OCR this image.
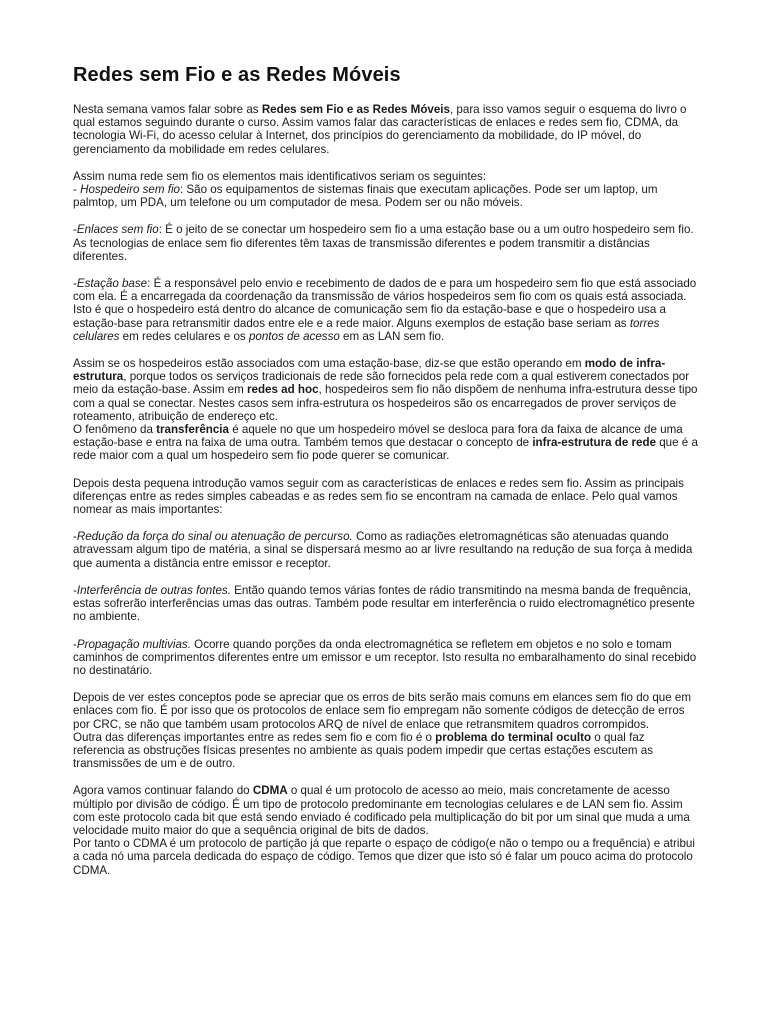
Redes sem Fio e as Redes Móveis

Nesta semana vamos falar sobre as Redes sem Fio e as Redes Móveis, para isso vamos seguir o esquema do livro o qual estamos seguindo durante o curso. Assim vamos falar das características de enlaces e redes sem fio, CDMA, da tecnologia Wi-Fi, do acesso celular à Internet, dos princípios do gerenciamento da mobilidade, do IP móvel, do gerenciamento da mobilidade em redes celulares.

Assim numa rede sem fio os elementos mais identificativos seriam os seguintes:

- Hospedeiro sem fio: São os equipamentos de sistemas finais que executam aplicações. Pode ser um laptop, um palmtop, um PDA, um telefone ou um computador de mesa. Podem ser ou não móveis.

-Enlaces sem fio: É o jeito de se conectar um hospedeiro sem fio a uma estação base ou a um outro hospedeiro sem fio. As tecnologias de enlace sem fio diferentes têm taxas de transmissão diferentes e podem transmitir a distâncias diferentes.

-Estação base: É a responsável pelo envio e recebimento de dados de e para um hospedeiro sem fio que está associado com ela. É a encarregada da coordenação da transmissão de vários hospedeiros sem fio com os quais está associada. Isto é que o hospedeiro está dentro do alcance de comunicação sem fio da estação-base e que o hospedeiro usa a estação-base para retransmitir dados entre ele e a rede maior. Alguns exemplos de estação base seriam as torres celulares em redes celulares e os pontos de acesso em as LAN sem fio.

Assim se os hospedeiros estão associados com uma estação-base, diz-se que estão operando em modo de infra-estrutura, porque todos os serviços tradicionais de rede são fornecidos pela rede com a qual estiverem conectados por meio da estação-base. Assim em redes ad hoc, hospedeiros sem fio não dispõem de nenhuma infra-estrutura desse tipo com a qual se conectar. Nestes casos sem infra-estrutura os hospedeiros são os encarregados de prover serviços de roteamento, atribuição de endereço etc.

O fenômeno da transferência é aquele no que um hospedeiro móvel se desloca para fora da faixa de alcance de uma estação-base e entra na faixa de uma outra. Também temos que destacar o concepto de infra-estrutura de rede que é a rede maior com a qual um hospedeiro sem fio pode querer se comunicar.

Depois desta pequena introdução vamos seguir com as características de enlaces e redes sem fio. Assim as principais diferenças entre as redes simples cabeadas e as redes sem fio se encontram na camada de enlace. Pelo qual vamos nomear as mais importantes:

-Redução da força do sinal ou atenuação de percurso. Como as radiações eletromagnéticas são atenuadas quando atravessam algum tipo de matéria, a sinal se dispersará mesmo ao ar livre resultando na redução de sua força à medida que aumenta a distância entre emissor e receptor.

-Interferência de outras fontes. Então quando temos várias fontes de rádio transmitindo na mesma banda de frequência, estas sofrerão interferências umas das outras. Também pode resultar em interferência o ruido electromagnético presente no ambiente.

-Propagação multivias. Ocorre quando porções da onda electromagnética se refletem em objetos e no solo e tomam caminhos de comprimentos diferentes entre um emissor e um receptor. Isto resulta no embaralhamento do sinal recebido no destinatário.

Depois de ver estes conceptos pode se apreciar que os erros de bits serão mais comuns em elances sem fio do que em enlaces com fio. É por isso que os protocolos de enlace sem fio empregam não somente códigos de detecção de erros por CRC, se não que também usam protocolos ARQ de nível de enlace que retransmitem quadros corrompidos.

Outra das diferenças importantes entre as redes sem fio e com fio é o problema do terminal oculto o qual faz referencia as obstruções físicas presentes no ambiente as quais podem impedir que certas estações escutem as transmissões de um e de outro.

Agora vamos continuar falando do CDMA o qual é um protocolo de acesso ao meio, mais concretamente de acesso múltiplo por divisão de código. É um tipo de protocolo predominante em tecnologias celulares e de LAN sem fio. Assim com este protocolo cada bit que está sendo enviado é codificado pela multiplicação do bit por um sinal que muda a uma velocidade muito maior do que a sequência original de bits de dados.

Por tanto o CDMA é um protocolo de partição já que reparte o espaço de código(e não o tempo ou a frequência) e atribui a cada nó uma parcela dedicada do espaço de código. Temos que dizer que isto só é falar um pouco acima do protocolo CDMA.
